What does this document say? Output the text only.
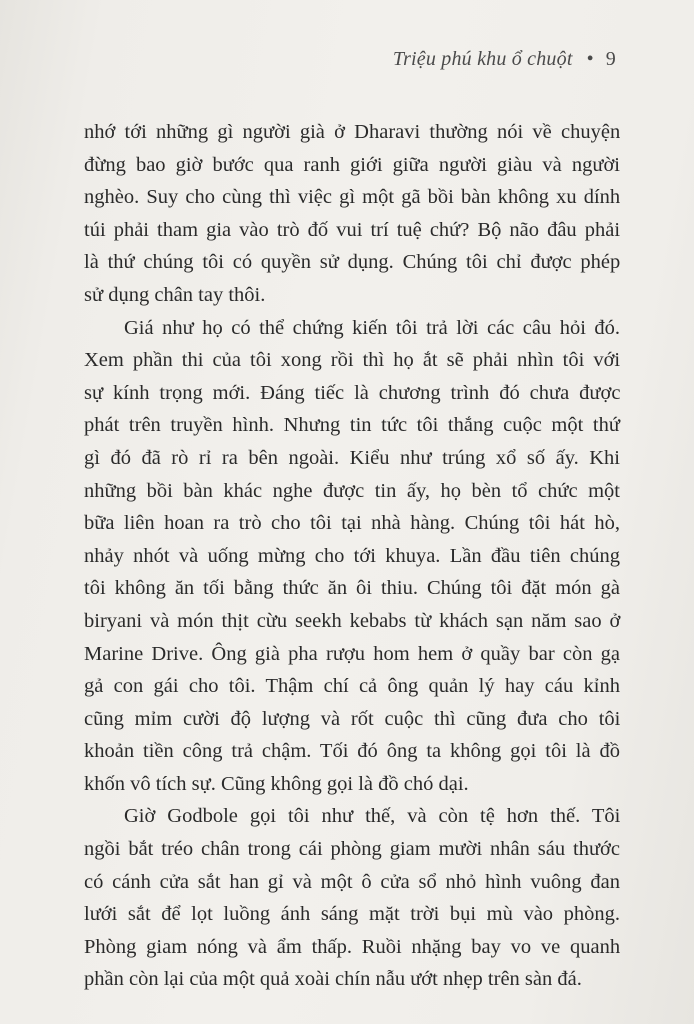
Triệu phú khu ổ chuột • 9

nhớ tới những gì người già ở Dharavi thường nói về chuyện
đừng bao giờ bước qua ranh giới giữa người giàu và người
nghèo. Suy cho cùng thì việc gì một gã bồi bàn không xu dính
túi phải tham gia vào trò đố vui trí tuệ chứ? Bộ não đâu phải
là thứ chúng tôi có quyền sử dụng. Chúng tôi chỉ được phép
sử dụng chân tay thôi.

Giá như họ có thể chứng kiến tôi trả lời các câu hỏi đó.
Xem phần thi của tôi xong rồi thì họ ắt sẽ phải nhìn tôi với
sự kính trọng mới. Đáng tiếc là chương trình đó chưa được
phát trên truyền hình. Nhưng tin tức tôi thắng cuộc một thứ
gì đó đã rò rỉ ra bên ngoài. Kiểu như trúng xổ số ấy. Khi
những bồi bàn khác nghe được tin ấy, họ bèn tổ chức một
bữa liên hoan ra trò cho tôi tại nhà hàng. Chúng tôi hát hò,
nhảy nhót và uống mừng cho tới khuya. Lần đầu tiên chúng
tôi không ăn tối bằng thức ăn ôi thiu. Chúng tôi đặt món gà
biryani và món thịt cừu seekh kebabs từ khách sạn năm sao ở
Marine Drive. Ông già pha rượu hom hem ở quầy bar còn gạ
gả con gái cho tôi. Thậm chí cả ông quản lý hay cáu kỉnh
cũng mỉm cười độ lượng và rốt cuộc thì cũng đưa cho tôi
khoản tiền công trả chậm. Tối đó ông ta không gọi tôi là đồ
khốn vô tích sự. Cũng không gọi là đồ chó dại.

Giờ Godbole gọi tôi như thế, và còn tệ hơn thế. Tôi
ngồi bắt tréo chân trong cái phòng giam mười nhân sáu thước
có cánh cửa sắt han gỉ và một ô cửa sổ nhỏ hình vuông đan
lưới sắt để lọt luồng ánh sáng mặt trời bụi mù vào phòng.
Phòng giam nóng và ẩm thấp. Ruồi nhặng bay vo ve quanh
phần còn lại của một quả xoài chín nẫu ướt nhẹp trên sàn đá.
